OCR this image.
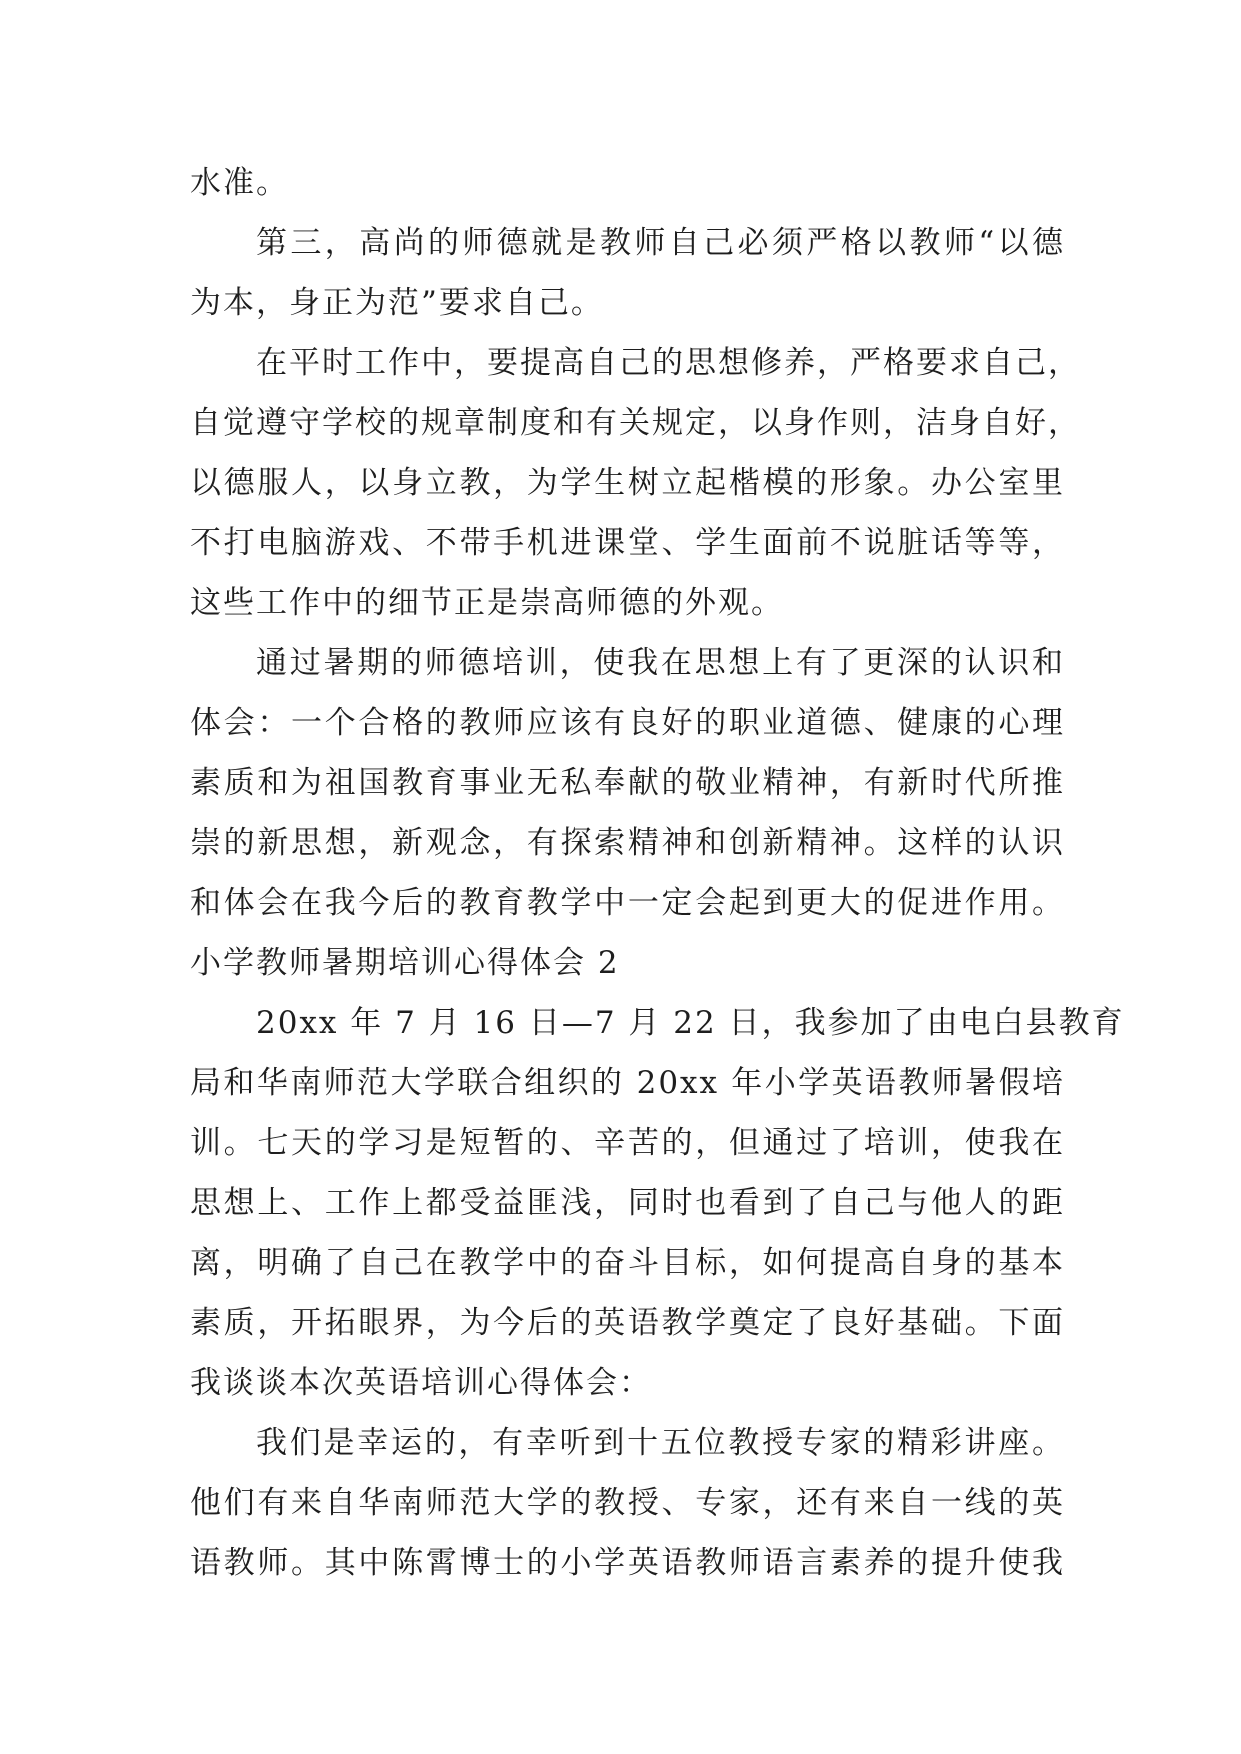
水准。
第三，高尚的师德就是教师自己必须严格以教师“以德
为本，身正为范”要求自己。
在平时工作中，要提高自己的思想修养，严格要求自己，
自觉遵守学校的规章制度和有关规定，以身作则，洁身自好，
以德服人，以身立教，为学生树立起楷模的形象。办公室里
不打电脑游戏、不带手机进课堂、学生面前不说脏话等等，
这些工作中的细节正是崇高师德的外观。
通过暑期的师德培训，使我在思想上有了更深的认识和
体会：一个合格的教师应该有良好的职业道德、健康的心理
素质和为祖国教育事业无私奉献的敬业精神，有新时代所推
崇的新思想，新观念，有探索精神和创新精神。这样的认识
和体会在我今后的教育教学中一定会起到更大的促进作用。
小学教师暑期培训心得体会 2
20xx 年 7 月 16 日—7 月 22 日，我参加了由电白县教育
局和华南师范大学联合组织的 20xx 年小学英语教师暑假培
训。七天的学习是短暂的、辛苦的，但通过了培训，使我在
思想上、工作上都受益匪浅，同时也看到了自己与他人的距
离，明确了自己在教学中的奋斗目标，如何提高自身的基本
素质，开拓眼界，为今后的英语教学奠定了良好基础。下面
我谈谈本次英语培训心得体会：
我们是幸运的，有幸听到十五位教授专家的精彩讲座。
他们有来自华南师范大学的教授、专家，还有来自一线的英
语教师。其中陈霄博士的小学英语教师语言素养的提升使我
